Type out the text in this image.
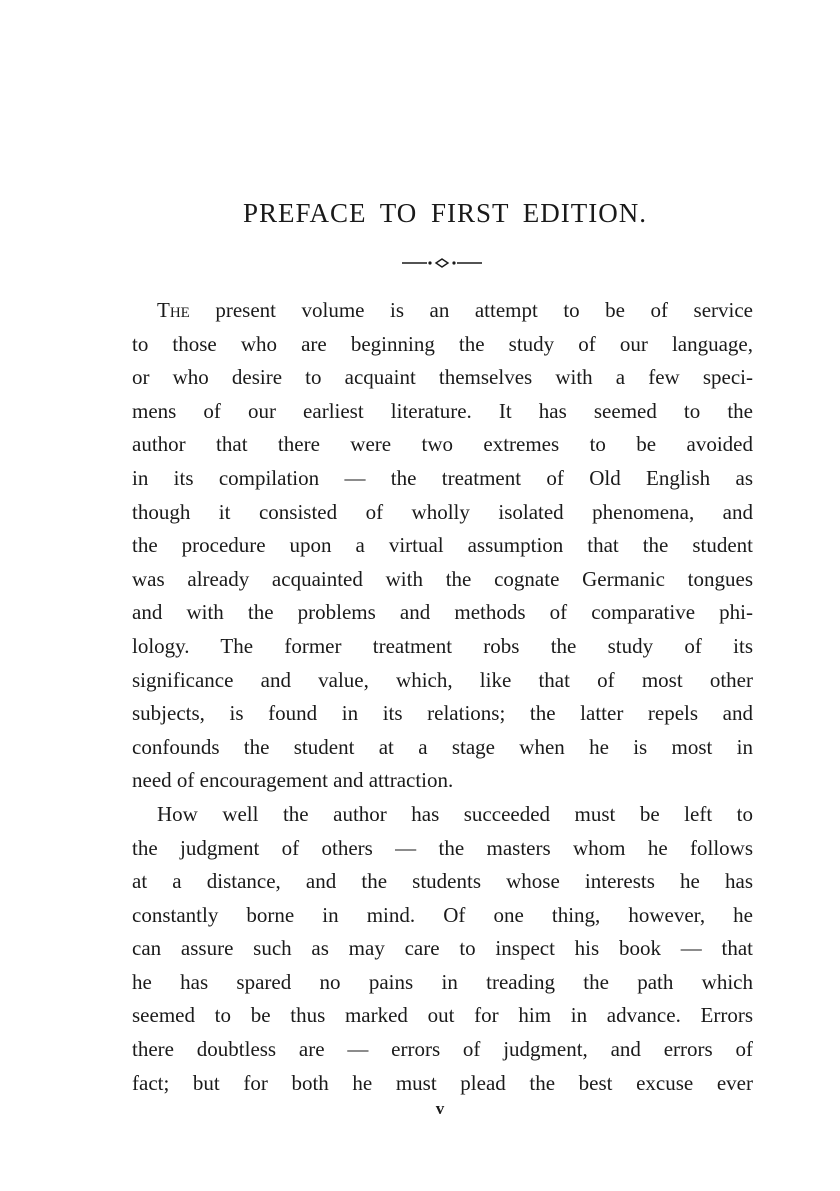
PREFACE TO FIRST EDITION.

The present volume is an attempt to be of service
to those who are beginning the study of our language,
or who desire to acquaint themselves with a few speci-
mens of our earliest literature. It has seemed to the
author that there were two extremes to be avoided
in its compilation — the treatment of Old English as
though it consisted of wholly isolated phenomena, and
the procedure upon a virtual assumption that the student
was already acquainted with the cognate Germanic tongues
and with the problems and methods of comparative phi-
lology. The former treatment robs the study of its
significance and value, which, like that of most other
subjects, is found in its relations; the latter repels and
confounds the student at a stage when he is most in
need of encouragement and attraction.

How well the author has succeeded must be left to
the judgment of others — the masters whom he follows
at a distance, and the students whose interests he has
constantly borne in mind. Of one thing, however, he
can assure such as may care to inspect his book — that
he has spared no pains in treading the path which
seemed to be thus marked out for him in advance. Errors
there doubtless are — errors of judgment, and errors of
fact; but for both he must plead the best excuse ever

v
